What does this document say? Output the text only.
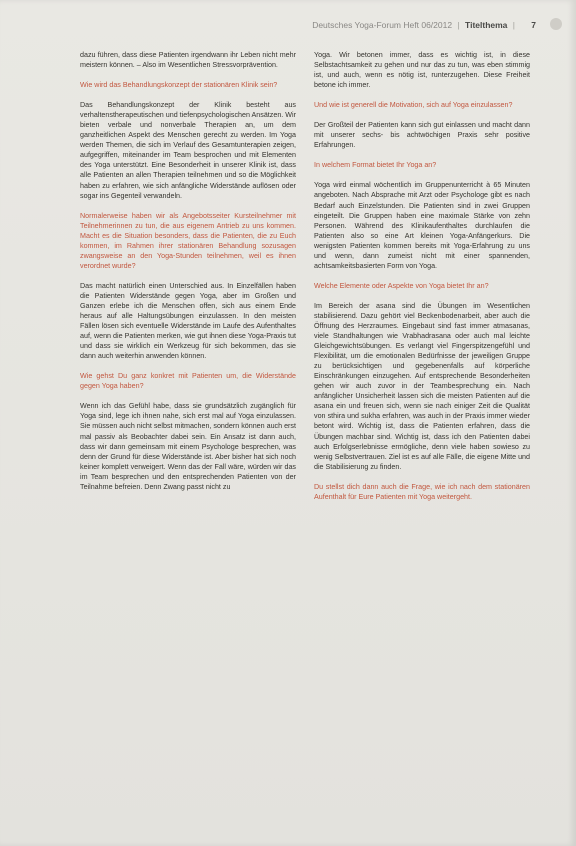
Deutsches Yoga-Forum Heft 06/2012 | Titelthema |	7

dazu führen, dass diese Patienten irgendwann ihr Leben nicht mehr meistern können. – Also im Wesentlichen Stressvorprävention.

Wie wird das Behandlungskonzept der stationären Klinik sein?

Das Behandlungskonzept der Klinik besteht aus verhaltenstherapeutischen und tiefenpsychologischen Ansätzen. Wir bieten verbale und nonverbale Therapien an, um dem ganzheitlichen Aspekt des Menschen gerecht zu werden. Im Yoga werden Themen, die sich im Verlauf des Gesamtunterapien zeigen, aufgegriffen, miteinander im Team besprochen und mit Elementen des Yoga unterstützt. Eine Besonderheit in unserer Klinik ist, dass alle Patienten an allen Therapien teilnehmen und so die Möglichkeit haben zu erfahren, wie sich anfängliche Widerstände auflösen oder sogar ins Gegenteil verwandeln.

Normalerweise haben wir als Angebotsseiter Kursteilnehmer mit Teilnehmerinnen zu tun, die aus eigenem Antrieb zu uns kommen. Macht es die Situation besonders, dass die Patienten, die zu Euch kommen, im Rahmen ihrer stationären Behandlung sozusagen zwangsweise an den Yoga-Stunden teilnehmen, weil es ihnen verordnet wurde?

Das macht natürlich einen Unterschied aus. In Einzelfällen haben die Patienten Widerstände gegen Yoga, aber im Großen und Ganzen erlebe ich die Menschen offen, sich aus einem Ende heraus auf alle Haltungsübungen einzulassen. In den meisten Fällen lösen sich eventuelle Widerstände im Laufe des Aufenthaltes auf, wenn die Patienten merken, wie gut ihnen diese Yoga-Praxis tut und dass sie wirklich ein Werkzeug für sich bekommen, das sie dann auch weiterhin anwenden können.

Wie gehst Du ganz konkret mit Patienten um, die Widerstände gegen Yoga haben?

Wenn ich das Gefühl habe, dass sie grundsätzlich zugänglich für Yoga sind, lege ich ihnen nahe, sich erst mal auf Yoga einzulassen. Sie müssen auch nicht selbst mitmachen, sondern können auch erst mal passiv als Beobachter dabei sein. Ein Ansatz ist dann auch, dass wir dann gemeinsam mit einem Psychologe besprechen, was denn der Grund für diese Widerstände ist. Aber bisher hat sich noch keiner komplett verweigert. Wenn das der Fall wäre, würden wir das im Team besprechen und den entsprechenden Patienten von der Teilnahme befreien. Denn Zwang passt nicht zu

Yoga. Wir betonen immer, dass es wichtig ist, in diese Selbstachtsamkeit zu gehen und nur das zu tun, was eben stimmig ist, und auch, wenn es nötig ist, runterzugehen. Diese Freiheit betone ich immer.

Und wie ist generell die Motivation, sich auf Yoga einzulassen?

Der Großteil der Patienten kann sich gut einlassen und macht dann mit unserer sechs- bis achtwöchigen Praxis sehr positive Erfahrungen.

In welchem Format bietet Ihr Yoga an?

Yoga wird einmal wöchentlich im Gruppenunterricht à 65 Minuten angeboten. Nach Absprache mit Arzt oder Psychologe gibt es nach Bedarf auch Einzelstunden. Die Patienten sind in zwei Gruppen eingeteilt. Die Gruppen haben eine maximale Stärke von zehn Personen. Während des Klinikaufenthaltes durchlaufen die Patienten also so eine Art kleinen Yoga-Anfängerkurs. Die wenigsten Patienten kommen bereits mit Yoga-Erfahrung zu uns und wenn, dann zumeist nicht mit einer spannenden, achtsamkeitsbasierten Form von Yoga.

Welche Elemente oder Aspekte von Yoga bietet Ihr an?

Im Bereich der asana sind die Übungen im Wesentlichen stabilisierend. Dazu gehört viel Beckenbodenarbeit, aber auch die Öffnung des Herzraumes. Eingebaut sind fast immer atmasanas, viele Standhaltungen wie Vrabhadrasana oder auch mal leichte Gleichgewichtsübungen. Es verlangt viel Fingerspitzengefühl und Flexibilität, um die emotionalen Bedürfnisse der jeweiligen Gruppe zu berücksichtigen und gegebenenfalls auf körperliche Einschränkungen einzugehen. Auf entsprechende Besonderheiten gehen wir auch zuvor in der Teambesprechung ein. Nach anfänglicher Unsicherheit lassen sich die meisten Patienten auf die asana ein und freuen sich, wenn sie nach einiger Zeit die Qualität von sthira und sukha erfahren, was auch in der Praxis immer wieder betont wird. Wichtig ist, dass die Patienten erfahren, dass die Übungen machbar sind. Wichtig ist, dass ich den Patienten dabei auch Erfolgserlebnisse ermögliche, denn viele haben sowieso zu wenig Selbstvertrauen. Ziel ist es auf alle Fälle, die eigene Mitte und die Stabilisierung zu finden.

Du stellst dich dann auch die Frage, wie ich nach dem stationären Aufenthalt für Eure Patienten mit Yoga weitergeht.
